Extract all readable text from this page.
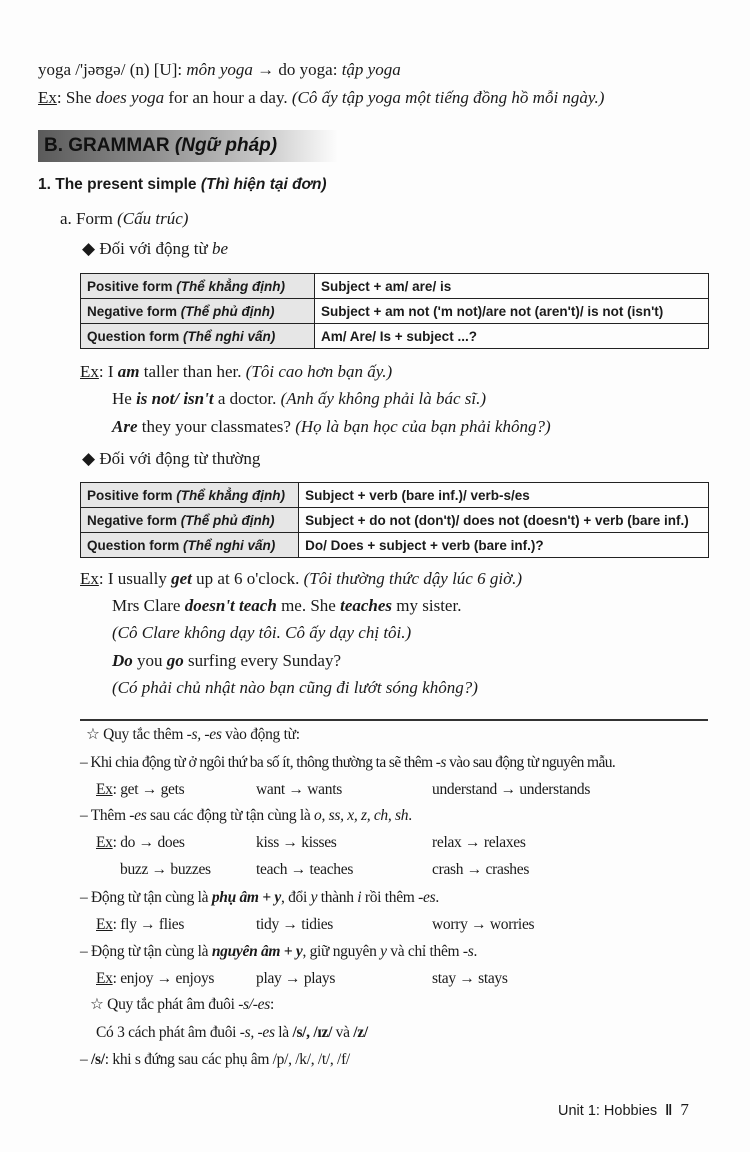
yoga /'jəʊgə/ (n) [U]: môn yoga → do yoga: tập yoga
Ex: She does yoga for an hour a day. (Cô ấy tập yoga một tiếng đồng hồ mỗi ngày.)
a. Form (Cấu trúc)
◆ Đối với động từ be
Ex: I am taller than her. (Tôi cao hơn bạn ấy.)
He is not/ isn't a doctor. (Anh ấy không phải là bác sĩ.)
Are they your classmates? (Họ là bạn học của bạn phải không?)
◆ Đối với động từ thường
Ex: I usually get up at 6 o'clock. (Tôi thường thức dậy lúc 6 giờ.)
Mrs Clare doesn't teach me. She teaches my sister.
(Cô Clare không dạy tôi. Cô ấy dạy chị tôi.)
Do you go surfing every Sunday?
(Có phải chủ nhật nào bạn cũng đi lướt sóng không?)
☆ Quy tắc thêm -s, -es vào động từ:
– Khi chia động từ ở ngôi thứ ba số ít, thông thường ta sẽ thêm -s vào sau động từ nguyên mẫu.
Ex: get → gets	want → wants	understand → understands
– Thêm -es sau các động từ tận cùng là o, ss, x, z, ch, sh.
Ex: do → does	kiss → kisses	relax → relaxes
buzz → buzzes	teach → teaches	crash → crashes
– Động từ tận cùng là phụ âm + y, đổi y thành i rồi thêm -es.
Ex: fly → flies	tidy → tidies	worry → worries
– Động từ tận cùng là nguyên âm + y, giữ nguyên y và chỉ thêm -s.
Ex: enjoy → enjoys	play → plays	stay → stays
☆ Quy tắc phát âm đuôi -s/-es:
Có 3 cách phát âm đuôi -s, -es là /s/, /ɪz/ và /z/
– /s/: khi s đứng sau các phụ âm /p/, /k/, /t/, /f/
B. GRAMMAR (Ngữ pháp)
1. The present simple (Thì hiện tại đơn)
Positive form (Thể khẳng định)	Subject + am/ are/ is
Negative form (Thể phủ định)	Subject + am not ('m not)/are not (aren't)/ is not (isn't)
Question form (Thể nghi vấn)	Am/ Are/ Is + subject ...?
Positive form (Thể khẳng định)	Subject + verb (bare inf.)/ verb-s/es
Negative form (Thể phủ định)	Subject + do not (don't)/ does not (doesn't) + verb (bare inf.)
Question form (Thể nghi vấn)	Do/ Does + subject + verb (bare inf.)?
Unit 1: Hobbies ‖ 7
